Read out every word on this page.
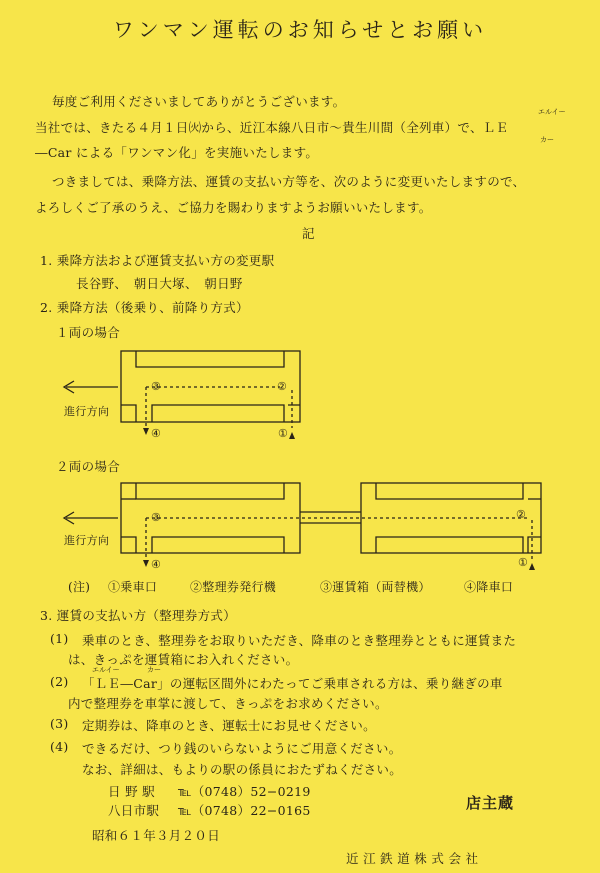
ワンマン運転のお知らせとお願い
毎度ご利用くださいましてありがとうございます。
当社では、きたる４月１日㈫から、近江本線八日市〜貴生川間（全列車）で、ＬＥ
エルイー
―Car による「ワンマン化」を実施いたします。
カー
つきましては、乗降方法、運賃の支払い方等を、次のように変更いたしますので、
よろしくご了承のうえ、ご協力を賜わりますようお願いいたします。
記
1. 乗降方法および運賃支払い方の変更駅
長谷野、　朝日大塚、　朝日野
2. 乗降方法（後乗り、前降り方式）
１両の場合
２両の場合
③	②
④	①
進行方向
③	②
④	①
進行方向
(注) ①乗車口	②整理券発行機	③運賃箱（両替機）	④降車口
3. 運賃の支払い方（整理券方式）
(1) 乗車のとき、整理券をお取りいただき、降車のとき整理券とともに運賃また
は、きっぷを運賃箱にお入れください。
エルイー	カー
(2) 「ＬＥ―Car」の運転区間外にわたってご乗車される方は、乗り継ぎの車
内で整理券を車掌に渡して、きっぷをお求めください。
(3) 定期券は、降車のとき、運転士にお見せください。
(4) できるだけ、つり銭のいらないようにご用意ください。
なお、詳細は、もよりの駅の係員におたずねください。
日 野 駅 ℡（0748）52−0219
八日市駅 ℡（0748）22−0165	店主蔵
昭和６１年３月２０日
近 江 鉄 道 株 式 会 社
